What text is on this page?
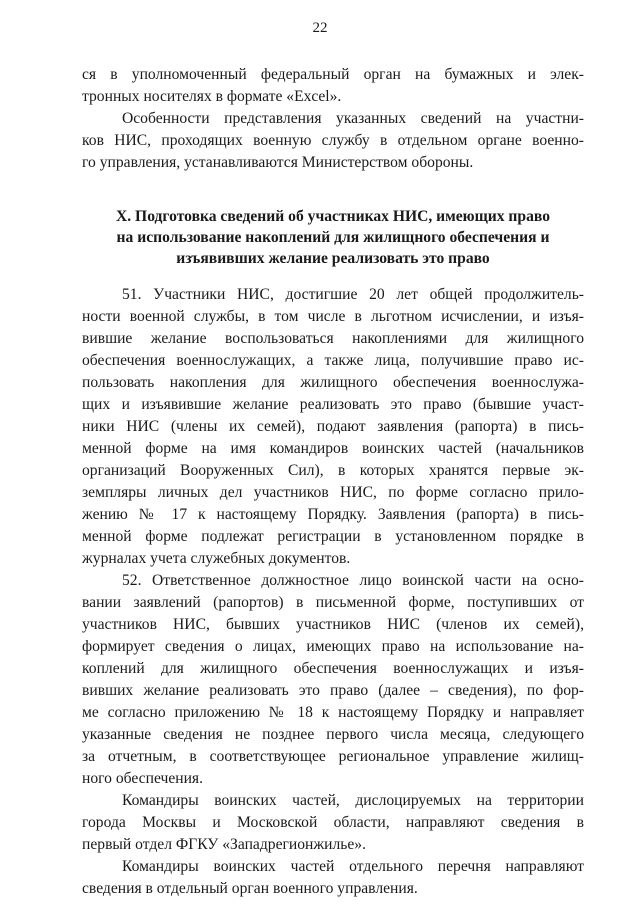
22
ся в уполномоченный федеральный орган на бумажных и элек-
тронных носителях в формате «Excel».
Особенности представления указанных сведений на участни-
ков НИС, проходящих военную службу в отдельном органе военно-
го управления, устанавливаются Министерством обороны.
X. Подготовка сведений об участниках НИС, имеющих право
на использование накоплений для жилищного обеспечения и
изъявивших желание реализовать это право
51. Участники НИС, достигшие 20 лет общей продолжитель-
ности военной службы, в том числе в льготном исчислении, и изъя-
вившие желание воспользоваться накоплениями для жилищного
обеспечения военнослужащих, а также лица, получившие право ис-
пользовать накопления для жилищного обеспечения военнослужа-
щих и изъявившие желание реализовать это право (бывшие участ-
ники НИС (члены их семей), подают заявления (рапорта) в пись-
менной форме на имя командиров воинских частей (начальников
организаций Вооруженных Сил), в которых хранятся первые эк-
земпляры личных дел участников НИС, по форме согласно прило-
жению № 17 к настоящему Порядку. Заявления (рапорта) в пись-
менной форме подлежат регистрации в установленном порядке в
журналах учета служебных документов.
52. Ответственное должностное лицо воинской части на осно-
вании заявлений (рапортов) в письменной форме, поступивших от
участников НИС, бывших участников НИС (членов их семей),
формирует сведения о лицах, имеющих право на использование на-
коплений для жилищного обеспечения военнослужащих и изъя-
вивших желание реализовать это право (далее – сведения), по фор-
ме согласно приложению № 18 к настоящему Порядку и направляет
указанные сведения не позднее первого числа месяца, следующего
за отчетным, в соответствующее региональное управление жилищ-
ного обеспечения.
Командиры воинских частей, дислоцируемых на территории
города Москвы и Московской области, направляют сведения в
первый отдел ФГКУ «Западрегионжилье».
Командиры воинских частей отдельного перечня направляют
сведения в отдельный орган военного управления.
